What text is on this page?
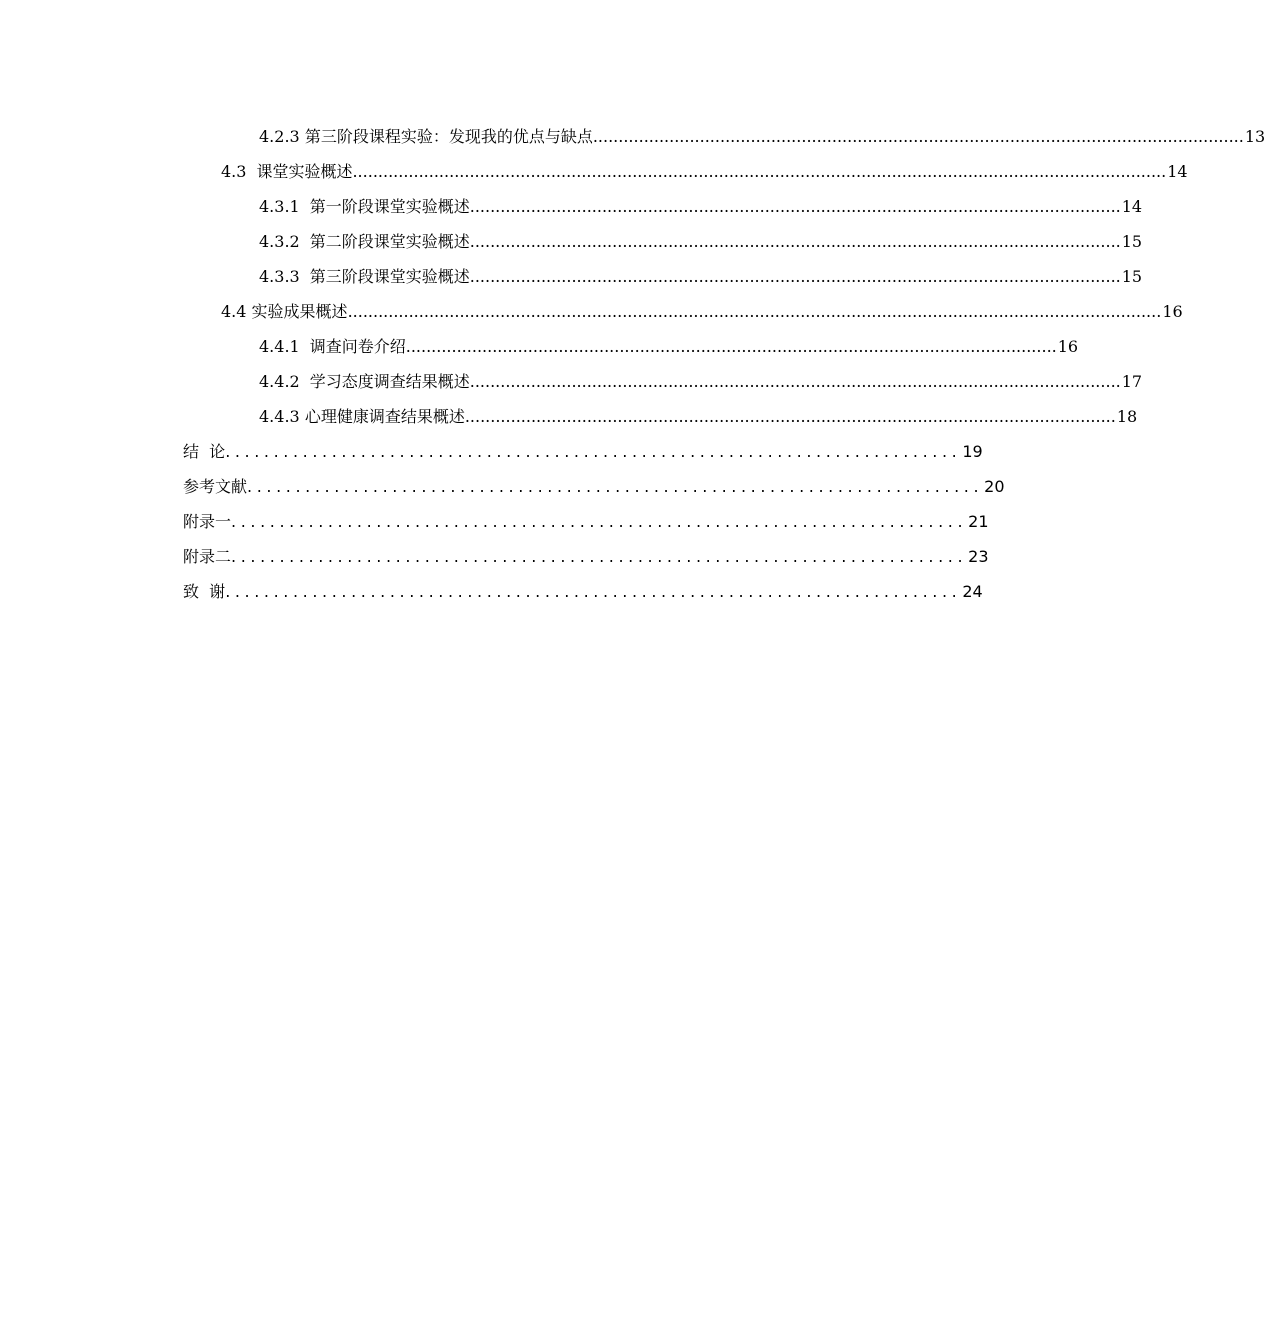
4.2.3 第三阶段课程实验：发现我的优点与缺点 ................................................................................................................................ 13
4.3 课堂实验概述 ................................................................................................................................................................ 14
4.3.1 第一阶段课堂实验概述 ................................................................................................................................ 14
4.3.2 第二阶段课堂实验概述 ................................................................................................................................ 15
4.3.3 第三阶段课堂实验概述 ................................................................................................................................ 15
4.4 实验成果概述 ................................................................................................................................................................ 16
4.4.1 调查问卷介绍 ................................................................................................................................ 16
4.4.2 学习态度调查结果概述 ................................................................................................................................ 17
4.4.3 心理健康调查结果概述 ................................................................................................................................ 18
结  论 ............................................................................ 19
参考文献 ............................................................................ 20
附录一 ............................................................................ 21
附录二 ............................................................................ 23
致  谢 ............................................................................ 24
